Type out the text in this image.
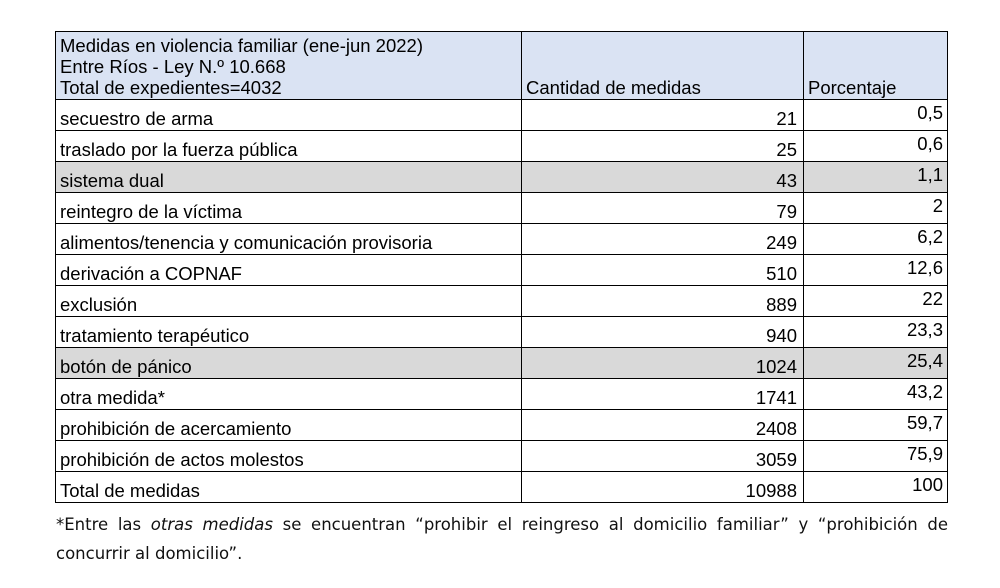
Medidas en violencia familiar (ene-jun 2022)
Entre Ríos - Ley N.º 10.668
Total de expedientes=4032	Cantidad de medidas	Porcentaje
secuestro de arma	21	0,5
traslado por la fuerza pública	25	0,6
sistema dual	43	1,1
reintegro de la víctima	79	2
alimentos/tenencia y comunicación provisoria	249	6,2
derivación a COPNAF	510	12,6
exclusión	889	22
tratamiento terapéutico	940	23,3
botón de pánico	1024	25,4
otra medida*	1741	43,2
prohibición de acercamiento	2408	59,7
prohibición de actos molestos	3059	75,9
Total de medidas	10988	100
*Entre las otras medidas se encuentran “prohibir el reingreso al domicilio familiar” y “prohibición de concurrir al domicilio”.
